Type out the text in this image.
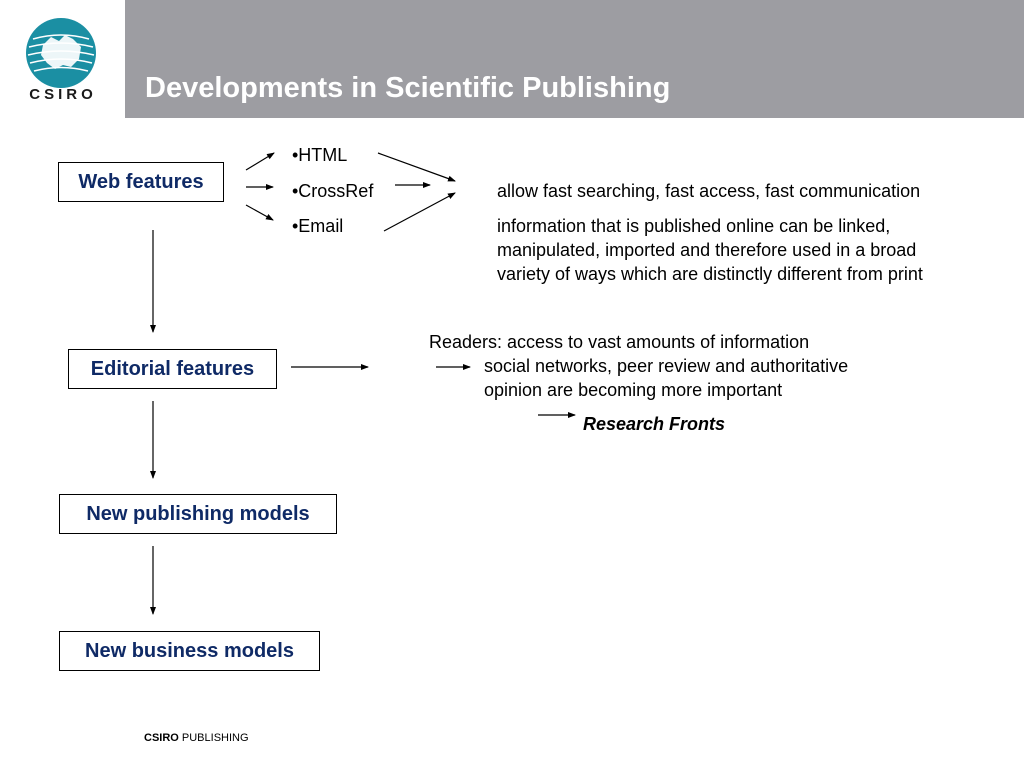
CSIRO	Developments in Scientific Publishing
Web features
Editorial features
New publishing models
New business models
•HTML
•CrossRef
•Email
allow fast searching, fast access, fast communication
information that is published online can be linked,
manipulated, imported and therefore used in a broad
variety of ways which are distinctly different from print
Readers: access to vast amounts of information
social networks, peer review and authoritative
opinion are becoming more important
Research Fronts
CSIRO PUBLISHING
